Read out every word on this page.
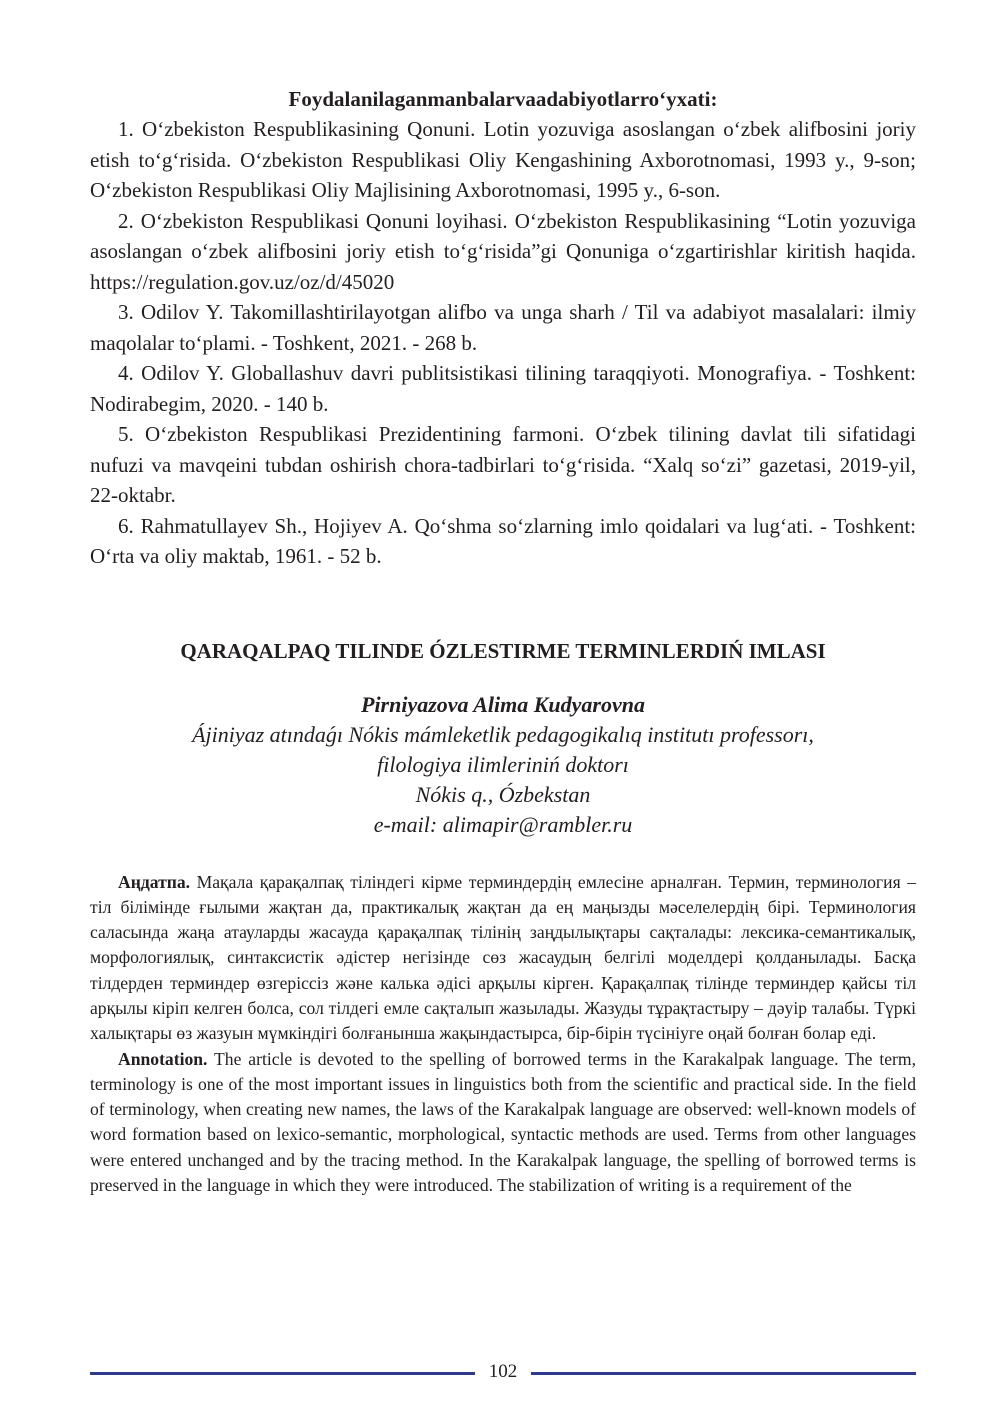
Foydalanilaganmanbalarvaadabiyotlarro‘yxati:

1. O‘zbekiston Respublikasining Qonuni. Lotin yozuviga asoslangan o‘zbek alifbosini joriy etish to‘g‘risida. O‘zbekiston Respublikasi Oliy Kengashining Axborotnomasi, 1993 y., 9-son; O‘zbekiston Respublikasi Oliy Majlisining Axborotnomasi, 1995 y., 6-son.

2. O‘zbekiston Respublikasi Qonuni loyihasi. O‘zbekiston Respublikasining “Lotin yozuviga asoslangan o‘zbek alifbosini joriy etish to‘g‘risida”gi Qonuniga o‘zgartirishlar kiritish haqida. https://regulation.gov.uz/oz/d/45020

3. Odilov Y. Takomillashtirilayotgan alifbo va unga sharh / Til va adabiyot masalalari: ilmiy maqolalar to‘plami. - Toshkent, 2021. - 268 b.

4. Odilov Y. Globallashuv davri publitsistikasi tilining taraqqiyoti. Monografiya. - Toshkent: Nodirabegim, 2020. - 140 b.

5. O‘zbekiston Respublikasi Prezidentining farmoni. O‘zbek tilining davlat tili sifatidagi nufuzi va mavqeini tubdan oshirish chora-tadbirlari to‘g‘risida. “Xalq so‘zi” gazetasi, 2019-yil, 22-oktabr.

6. Rahmatullayev Sh., Hojiyev A. Qo‘shma so‘zlarning imlo qoidalari va lug‘ati. - Toshkent: O‘rta va oliy maktab, 1961. - 52 b.

QARAQALPAQ TILINDE ÓZLESTIRME TERMINLERDIŃ IMLASI

Pirniyazova Alima Kudyarovna

Ájiniyaz atındaǵı Nókis mámleketlik pedagogikalıq institutı professorı,

filologiya ilimleriniń doktorı

Nókis q., Ózbekstan

e-mail: alimapir@rambler.ru

Аңдатпа. Мақала қарақалпақ тіліндегі кірме терминдердің емлесіне арналған. Термин, терминология – тіл білімінде ғылыми жақтан да, практикалық жақтан да ең маңызды мәселелердің бірі. Терминология саласында жаңа атауларды жасауда қарақалпақ тілінің заңдылықтары сақталады: лексика-семантикалық, морфологиялық, синтаксистік әдістер негізінде сөз жасаудың белгілі моделдері қолданылады. Басқа тілдерден терминдер өзгеріссіз және калька әдісі арқылы кірген. Қарақалпақ тілінде терминдер қайсы тіл арқылы кіріп келген болса, сол тілдегі емле сақталып жазылады. Жазуды тұрақтастыру – дәуір талабы. Түркі халықтары өз жазуын мүмкіндігі болғанынша жақындастырса, бір-бірін түсініуге оңай болған болар еді.

Annotation. The article is devoted to the spelling of borrowed terms in the Karakalpak language. The term, terminology is one of the most important issues in linguistics both from the scientific and practical side. In the field of terminology, when creating new names, the laws of the Karakalpak language are observed: well-known models of word formation based on lexico-semantic, morphological, syntactic methods are used. Terms from other languages were entered unchanged and by the tracing method. In the Karakalpak language, the spelling of borrowed terms is preserved in the language in which they were introduced. The stabilization of writing is a requirement of the

102
